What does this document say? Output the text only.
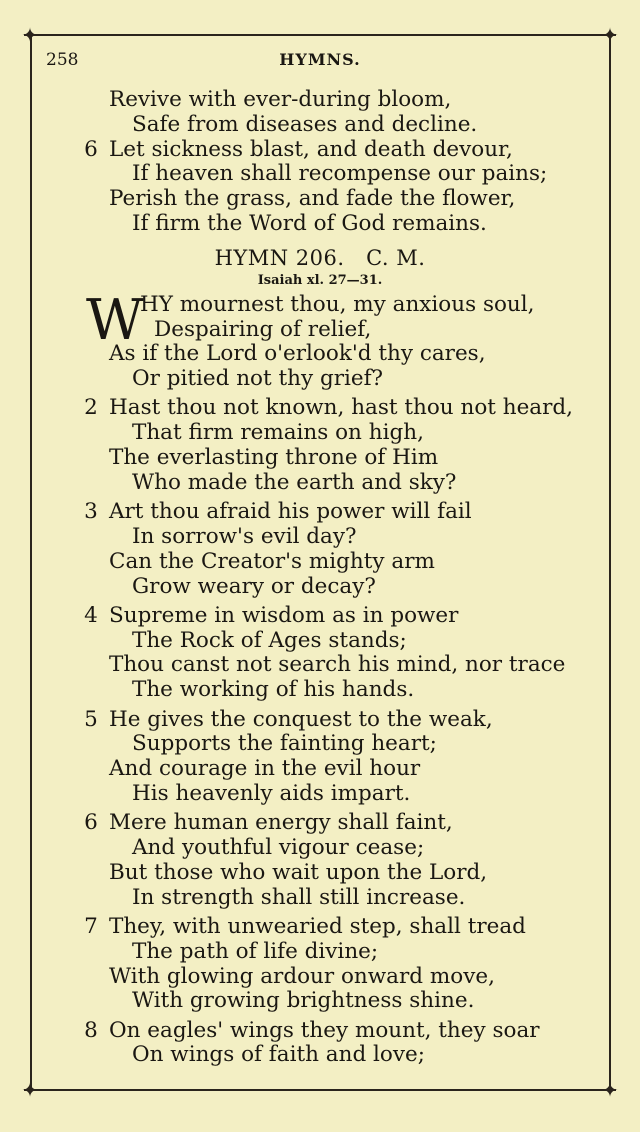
✦	✦
✦	✦
258	HYMNS.
Revive with ever-during bloom,
Safe from diseases and decline.
6 Let sickness blast, and death devour,
If heaven shall recompense our pains;
Perish the grass, and fade the flower,
If firm the Word of God remains.
HYMN 206.   C. M.
Isaiah xl. 27—31.
W
HY mournest thou, my anxious soul,
Despairing of relief,
As if the Lord o'erlook'd thy cares,
Or pitied not thy grief?
2 Hast thou not known, hast thou not heard,
That firm remains on high,
The everlasting throne of Him
Who made the earth and sky?
3 Art thou afraid his power will fail
In sorrow's evil day?
Can the Creator's mighty arm
Grow weary or decay?
4 Supreme in wisdom as in power
The Rock of Ages stands;
Thou canst not search his mind, nor trace
The working of his hands.
5 He gives the conquest to the weak,
Supports the fainting heart;
And courage in the evil hour
His heavenly aids impart.
6 Mere human energy shall faint,
And youthful vigour cease;
But those who wait upon the Lord,
In strength shall still increase.
7 They, with unwearied step, shall tread
The path of life divine;
With glowing ardour onward move,
With growing brightness shine.
8 On eagles' wings they mount, they soar
On wings of faith and love;
